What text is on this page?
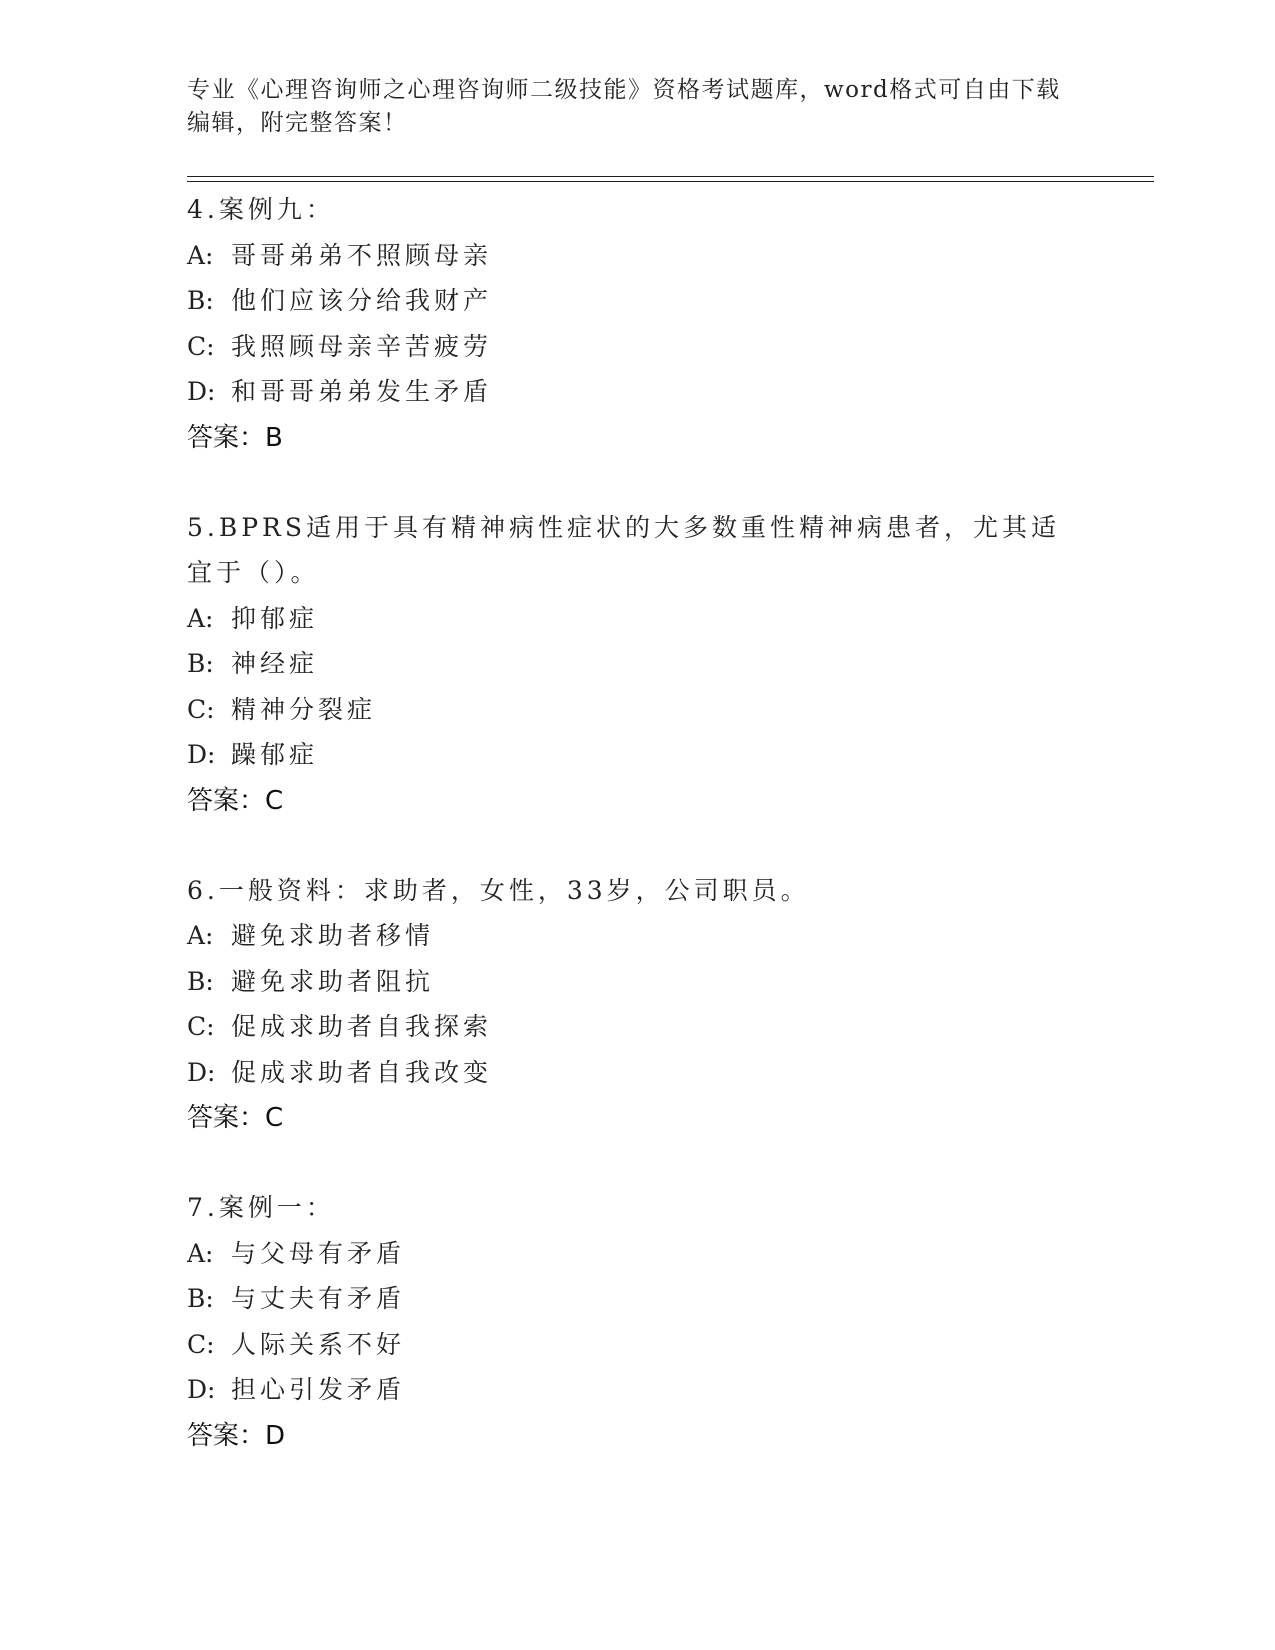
专业《心理咨询师之心理咨询师二级技能》资格考试题库，word格式可自由下载编辑，附完整答案！
4.案例九：
A: 哥哥弟弟不照顾母亲
B: 他们应该分给我财产
C: 我照顾母亲辛苦疲劳
D: 和哥哥弟弟发生矛盾
答案：B
5.BPRS适用于具有精神病性症状的大多数重性精神病患者，尤其适宜于（）。
A: 抑郁症
B: 神经症
C: 精神分裂症
D: 躁郁症
答案：C
6.一般资料：求助者，女性，33岁，公司职员。
A: 避免求助者移情
B: 避免求助者阻抗
C: 促成求助者自我探索
D: 促成求助者自我改变
答案：C
7.案例一：
A: 与父母有矛盾
B: 与丈夫有矛盾
C: 人际关系不好
D: 担心引发矛盾
答案：D
